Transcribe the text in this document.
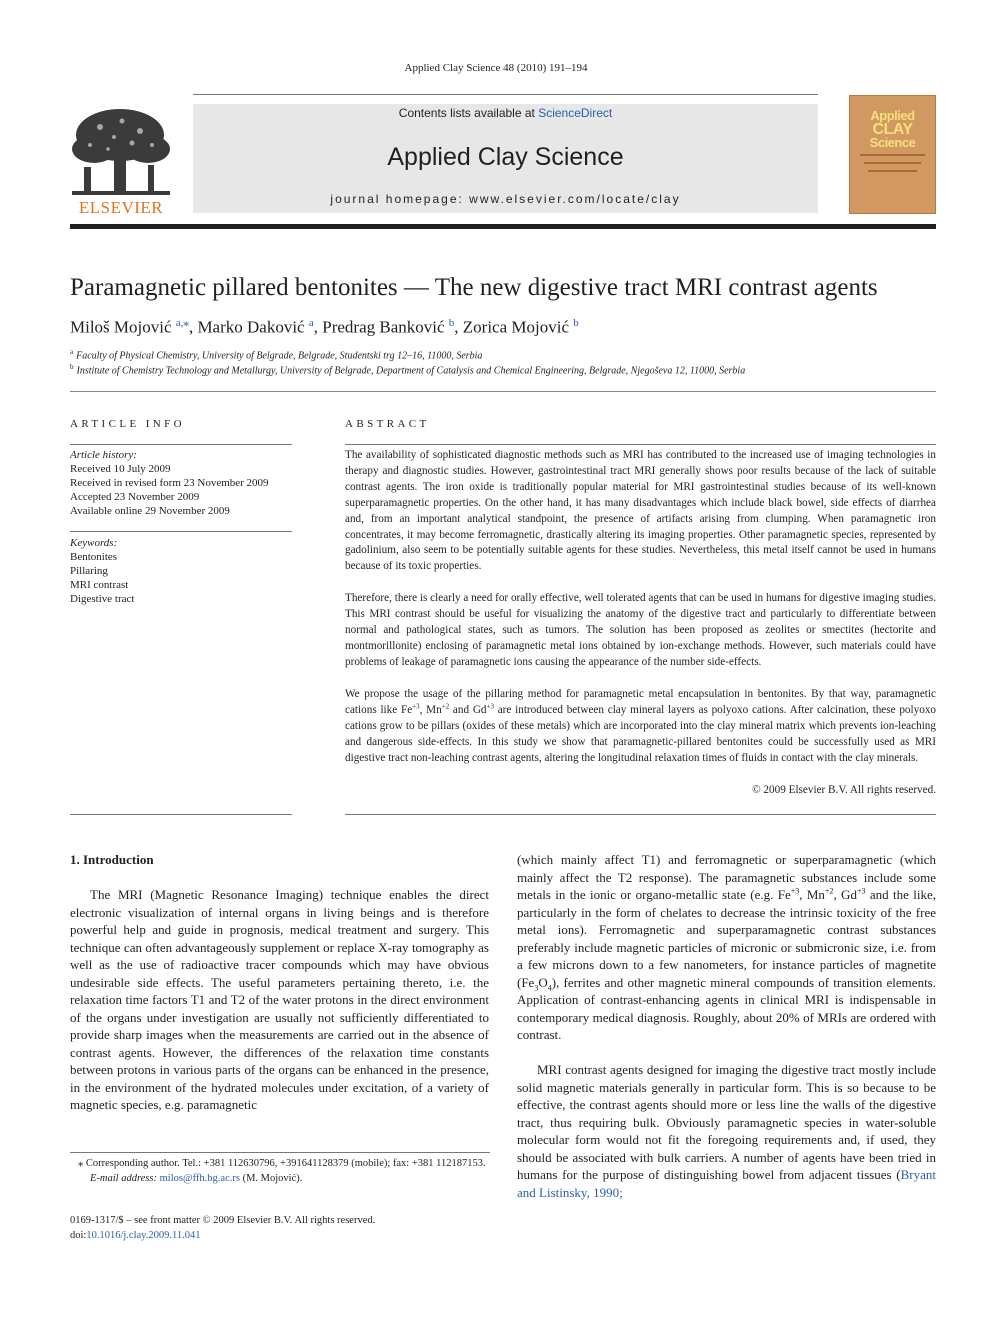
Applied Clay Science 48 (2010) 191–194
ELSEVIER
Contents lists available at ScienceDirect
Applied Clay Science
journal homepage: www.elsevier.com/locate/clay
Applied
CLAY
Science
Paramagnetic pillared bentonites — The new digestive tract MRI contrast agents
Miloš Mojović $^{a,⁎}$, Marko Daković $^a$, Predrag Banković $^b$, Zorica Mojović $^b$
$^a$ Faculty of Physical Chemistry, University of Belgrade, Belgrade, Studentski trg 12–16, 11000, Serbia
$^b$ Institute of Chemistry Technology and Metallurgy, University of Belgrade, Department of Catalysis and Chemical Engineering, Belgrade, Njegoševa 12, 11000, Serbia
ARTICLE INFO
Article history:
Received 10 July 2009
Received in revised form 23 November 2009
Accepted 23 November 2009
Available online 29 November 2009
Keywords:
Bentonites
Pillaring
MRI contrast
Digestive tract
ABSTRACT
The availability of sophisticated diagnostic methods such as MRI has contributed to the increased use of imaging technologies in therapy and diagnostic studies. However, gastrointestinal tract MRI generally shows poor results because of the lack of suitable contrast agents. The iron oxide is traditionally popular material for MRI gastrointestinal studies because of its well-known superparamagnetic properties. On the other hand, it has many disadvantages which include black bowel, side effects of diarrhea and, from an important analytical standpoint, the presence of artifacts arising from clumping. When paramagnetic iron concentrates, it may become ferromagnetic, drastically altering its imaging properties. Other paramagnetic species, represented by gadolinium, also seem to be potentially suitable agents for these studies. Nevertheless, this metal itself cannot be used in humans because of its toxic properties.
Therefore, there is clearly a need for orally effective, well tolerated agents that can be used in humans for digestive imaging studies. This MRI contrast should be useful for visualizing the anatomy of the digestive tract and particularly to differentiate between normal and pathological states, such as tumors. The solution has been proposed as zeolites or smectites (hectorite and montmorillonite) enclosing of paramagnetic metal ions obtained by ion-exchange methods. However, such materials could have problems of leakage of paramagnetic ions causing the appearance of the number side-effects.
We propose the usage of the pillaring method for paramagnetic metal encapsulation in bentonites. By that way, paramagnetic cations like $Fe^{+3}$, $Mn^{+2}$ and $Gd^{+3}$ are introduced between clay mineral layers as polyoxo cations. After calcination, these polyoxo cations grow to be pillars (oxides of these metals) which are incorporated into the clay mineral matrix which prevents ion-leaching and dangerous side-effects. In this study we show that paramagnetic-pillared bentonites could be successfully used as MRI digestive tract non-leaching contrast agents, altering the longitudinal relaxation times of fluids in contact with the clay minerals.
© 2009 Elsevier B.V. All rights reserved.
1. Introduction
The MRI (Magnetic Resonance Imaging) technique enables the direct electronic visualization of internal organs in living beings and is therefore powerful help and guide in prognosis, medical treatment and surgery. This technique can often advantageously supplement or replace X-ray tomography as well as the use of radioactive tracer compounds which may have obvious undesirable side effects. The useful parameters pertaining thereto, i.e. the relaxation time factors T1 and T2 of the water protons in the direct environment of the organs under investigation are usually not sufficiently differentiated to provide sharp images when the measurements are carried out in the absence of contrast agents. However, the differences of the relaxation time constants between protons in various parts of the organs can be enhanced in the presence, in the environment of the hydrated molecules under excitation, of a variety of magnetic species, e.g. paramagnetic
(which mainly affect T1) and ferromagnetic or superparamagnetic (which mainly affect the T2 response). The paramagnetic substances include some metals in the ionic or organo-metallic state (e.g. $Fe^{+3}$, $Mn^{+2}$, $Gd^{+3}$ and the like, particularly in the form of chelates to decrease the intrinsic toxicity of the free metal ions). Ferromagnetic and superparamagnetic contrast substances preferably include magnetic particles of micronic or submicronic size, i.e. from a few microns down to a few nanometers, for instance particles of magnetite $(Fe_3O_4)$, ferrites and other magnetic mineral compounds of transition elements. Application of contrast-enhancing agents in clinical MRI is indispensable in contemporary medical diagnosis. Roughly, about 20% of MRIs are ordered with contrast.
MRI contrast agents designed for imaging the digestive tract mostly include solid magnetic materials generally in particular form. This is so because to be effective, the contrast agents should more or less line the walls of the digestive tract, thus requiring bulk. Obviously paramagnetic species in water-soluble molecular form would not fit the foregoing requirements and, if used, they should be associated with bulk carriers. A number of agents have been tried in humans for the purpose of distinguishing bowel from adjacent tissues (Bryant and Listinsky, 1990;
⁎ Corresponding author. Tel.: +381 112630796, +391641128379 (mobile); fax: +381 112187153.
E-mail address: milos@ffh.bg.ac.rs (M. Mojović).
0169-1317/$ – see front matter © 2009 Elsevier B.V. All rights reserved.
doi:10.1016/j.clay.2009.11.041
